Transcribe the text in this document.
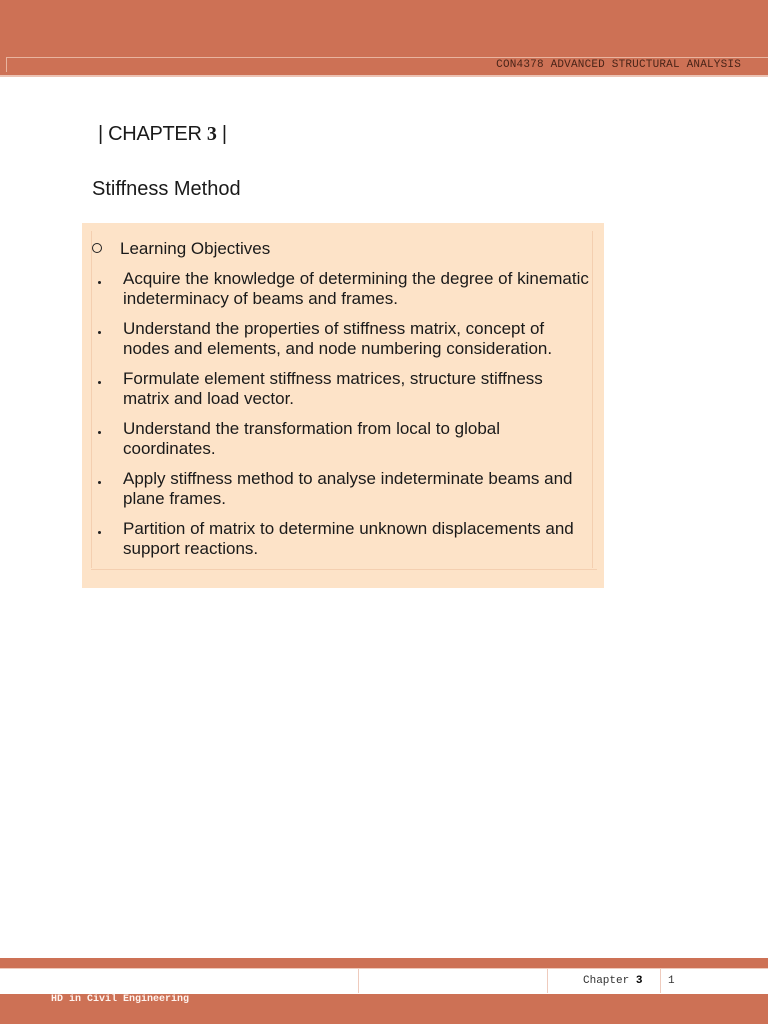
CON4378 ADVANCED STRUCTURAL ANALYSIS
| CHAPTER 3 |
Stiffness Method
Learning Objectives
Acquire the knowledge of determining the degree of kinematic indeterminacy of beams and frames.
Understand the properties of stiffness matrix, concept of nodes and elements, and node numbering consideration.
Formulate element stiffness matrices, structure stiffness matrix and load vector.
Understand the transformation from local to global coordinates.
Apply stiffness method to analyse indeterminate beams and plane frames.
Partition of matrix to determine unknown displacements and support reactions.
Chapter 3 1
HD in Civil Engineering
